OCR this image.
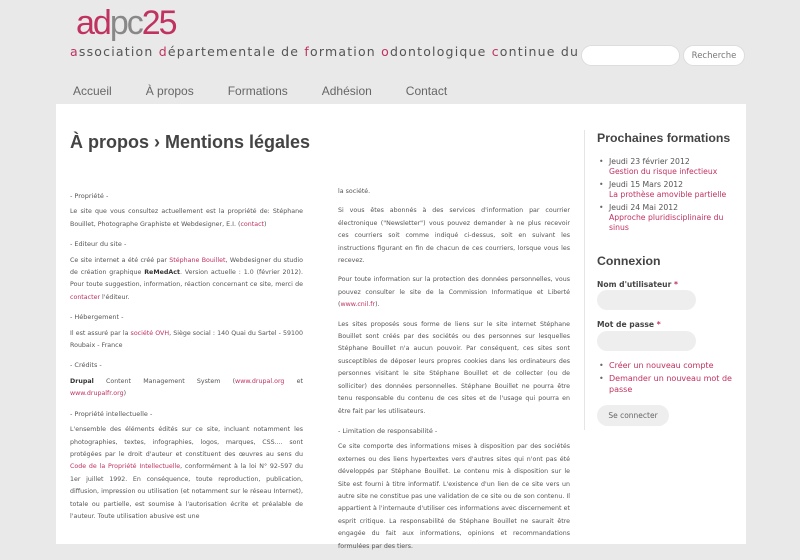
adpc25
association départementale de formation odontologique continue du	Recherche
Accueil	À propos	Formations	Adhésion	Contact
À propos › Mentions légales
- Propriété -

Le site que vous consultez actuellement est la propriété de: Stéphane Bouillet, Photographe Graphiste et Webdesigner, E.I. (contact)

- Editeur du site -

Ce site internet a été créé par Stéphane Bouillet, Webdesigner du studio de création graphique ReMedAct. Version actuelle : 1.0 (février 2012). Pour toute suggestion, information, réaction concernant ce site, merci de contacter l'éditeur.

- Hébergement -

Il est assuré par la société OVH, Siège social : 140 Quai du Sartel - 59100 Roubaix - France

- Crédits -

Drupal Content Management System (www.drupal.org et www.drupalfr.org)

- Propriété intellectuelle -

L'ensemble des éléments édités sur ce site, incluant notamment les photographies, textes, infographies, logos, marques, CSS.... sont protégées par le droit d'auteur et constituent des œuvres au sens du Code de la Propriété Intellectuelle, conformément à la loi N° 92-597 du 1er juillet 1992. En conséquence, toute reproduction, publication, diffusion, impression ou utilisation (et notamment sur le réseau Internet), totale ou partielle, est soumise à l'autorisation écrite et préalable de l'auteur. Toute utilisation abusive est une

la société.

Si vous êtes abonnés à des services d'information par courrier électronique ("Newsletter") vous pouvez demander à ne plus recevoir ces courriers soit comme indiqué ci-dessus, soit en suivant les instructions figurant en fin de chacun de ces courriers, lorsque vous les recevez.

Pour toute information sur la protection des données personnelles, vous pouvez consulter le site de la Commission Informatique et Liberté (www.cnil.fr).

Les sites proposés sous forme de liens sur le site internet Stéphane Bouillet sont créés par des sociétés ou des personnes sur lesquelles Stéphane Bouillet n'a aucun pouvoir. Par conséquent, ces sites sont susceptibles de déposer leurs propres cookies dans les ordinateurs des personnes visitant le site Stéphane Bouillet et de collecter (ou de solliciter) des données personnelles. Stéphane Bouillet ne pourra être tenu responsable du contenu de ces sites et de l'usage qui pourra en être fait par les utilisateurs.

- Limitation de responsabilité -

Ce site comporte des informations mises à disposition par des sociétés externes ou des liens hypertextes vers d'autres sites qui n'ont pas été développés par Stéphane Bouillet. Le contenu mis à disposition sur le Site est fourni à titre informatif. L'existence d'un lien de ce site vers un autre site ne constitue pas une validation de ce site ou de son contenu. Il appartient à l'internaute d'utiliser ces informations avec discernement et esprit critique. La responsabilité de Stéphane Bouillet ne saurait être engagée du fait aux informations, opinions et recommandations formulées par des tiers.

Prochaines formations
• Jeudi 23 février 2012
Gestion du risque infectieux
• Jeudi 15 Mars 2012
La prothèse amovible partielle
• Jeudi 24 Mai 2012
Approche pluridisciplinaire du sinus
Connexion
Nom d'utilisateur *
Mot de passe *
• Créer un nouveau compte
• Demander un nouveau mot de passe
Se connecter
